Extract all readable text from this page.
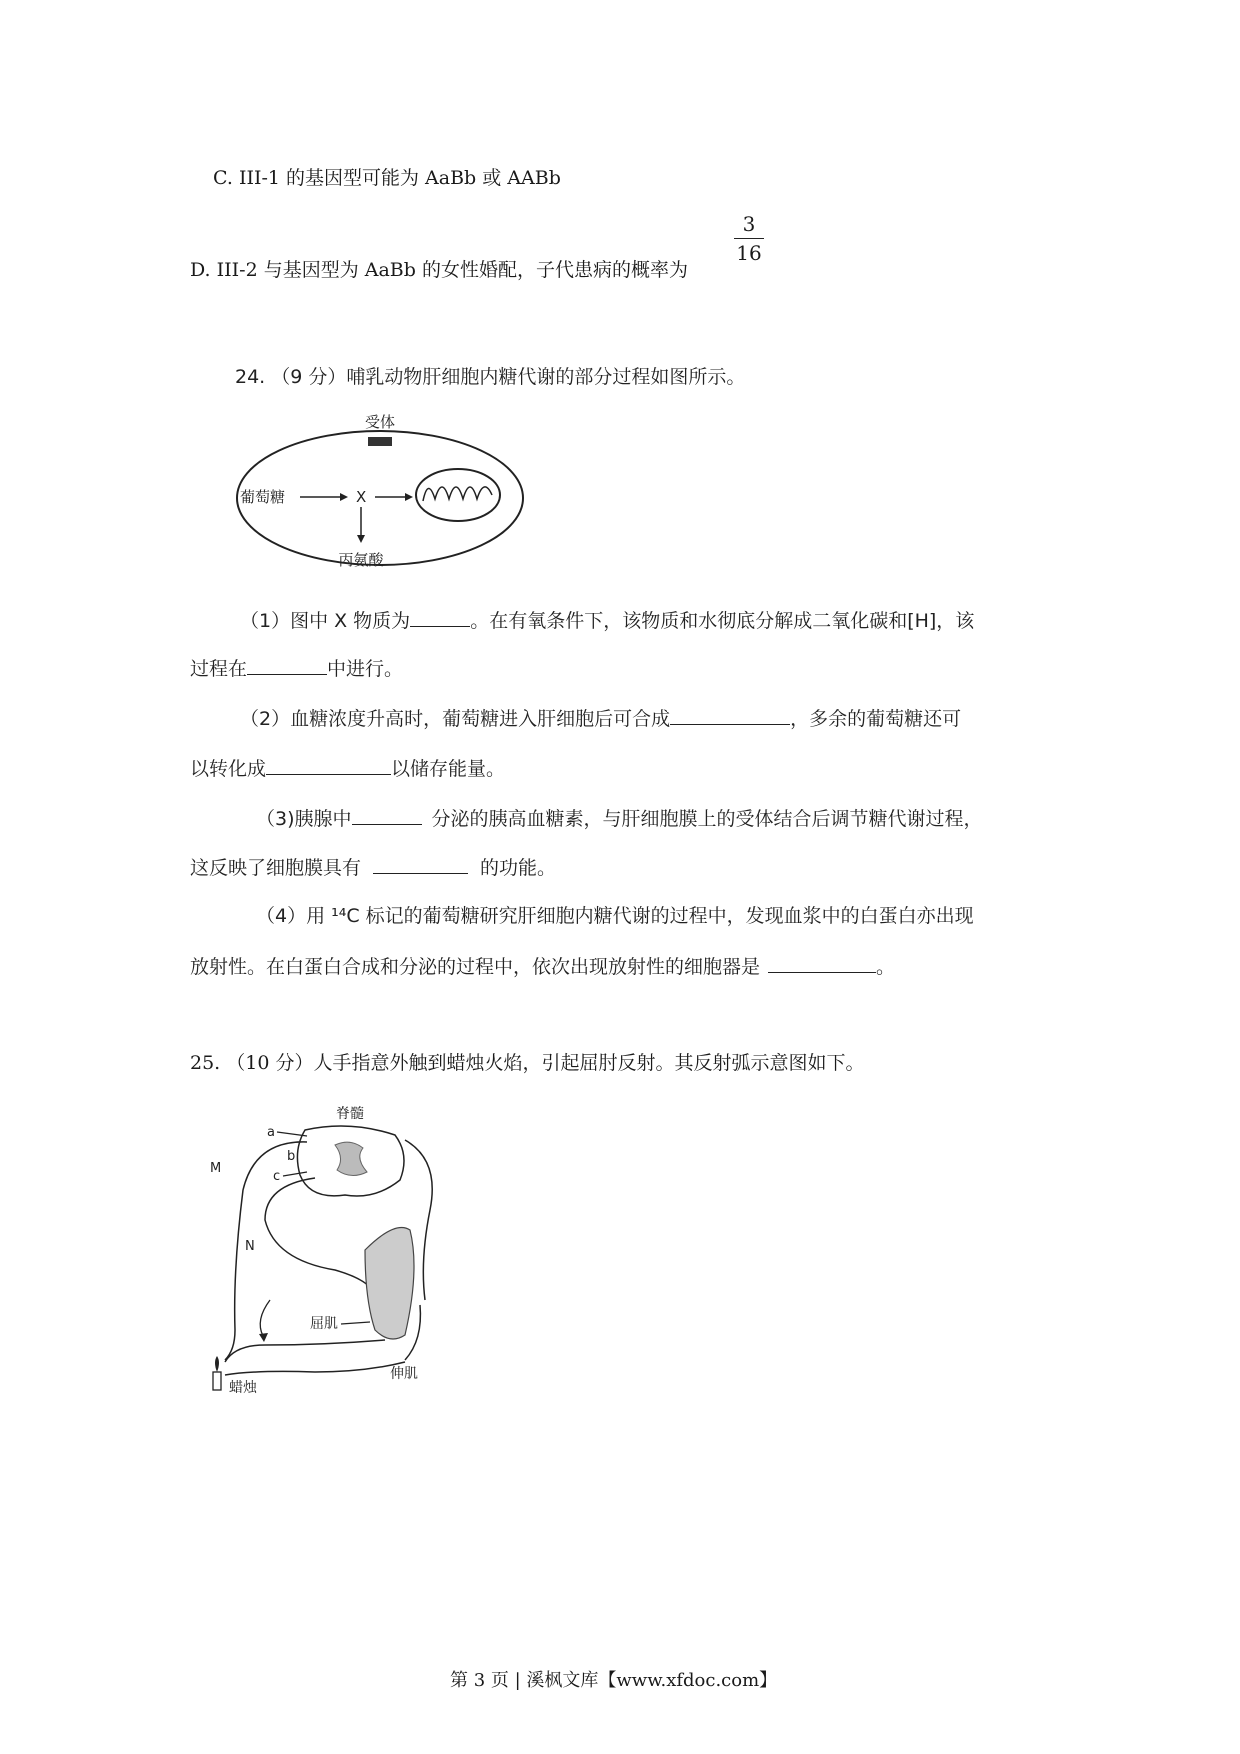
C. III-1 的基因型可能为 AaBb 或 AABb
D. III-2 与基因型为 AaBb 的女性婚配，子代患病的概率为
3
16
24. （9 分）哺乳动物肝细胞内糖代谢的部分过程如图所示。
受体
葡萄糖	X
丙氨酸
（1）图中 X 物质为	。在有氧条件下，该物质和水彻底分解成二氧化碳和[H]，该
过程在	中进行。
（2）血糖浓度升高时，葡萄糖进入肝细胞后可合成	，多余的葡萄糖还可
以转化成	以储存能量。
（3)胰腺中	分泌的胰高血糖素，与肝细胞膜上的受体结合后调节糖代谢过程，
这反映了细胞膜具有	的功能。
（4）用 ¹⁴C 标记的葡萄糖研究肝细胞内糖代谢的过程中，发现血浆中的白蛋白亦出现
放射性。在白蛋白合成和分泌的过程中，依次出现放射性的细胞器是	。
25. （10 分）人手指意外触到蜡烛火焰，引起屈肘反射。其反射弧示意图如下。
脊髓
a
b
c
M
N
屈肌
伸肌
蜡烛
第 3 页 | 溪枫文库【www.xfdoc.com】
